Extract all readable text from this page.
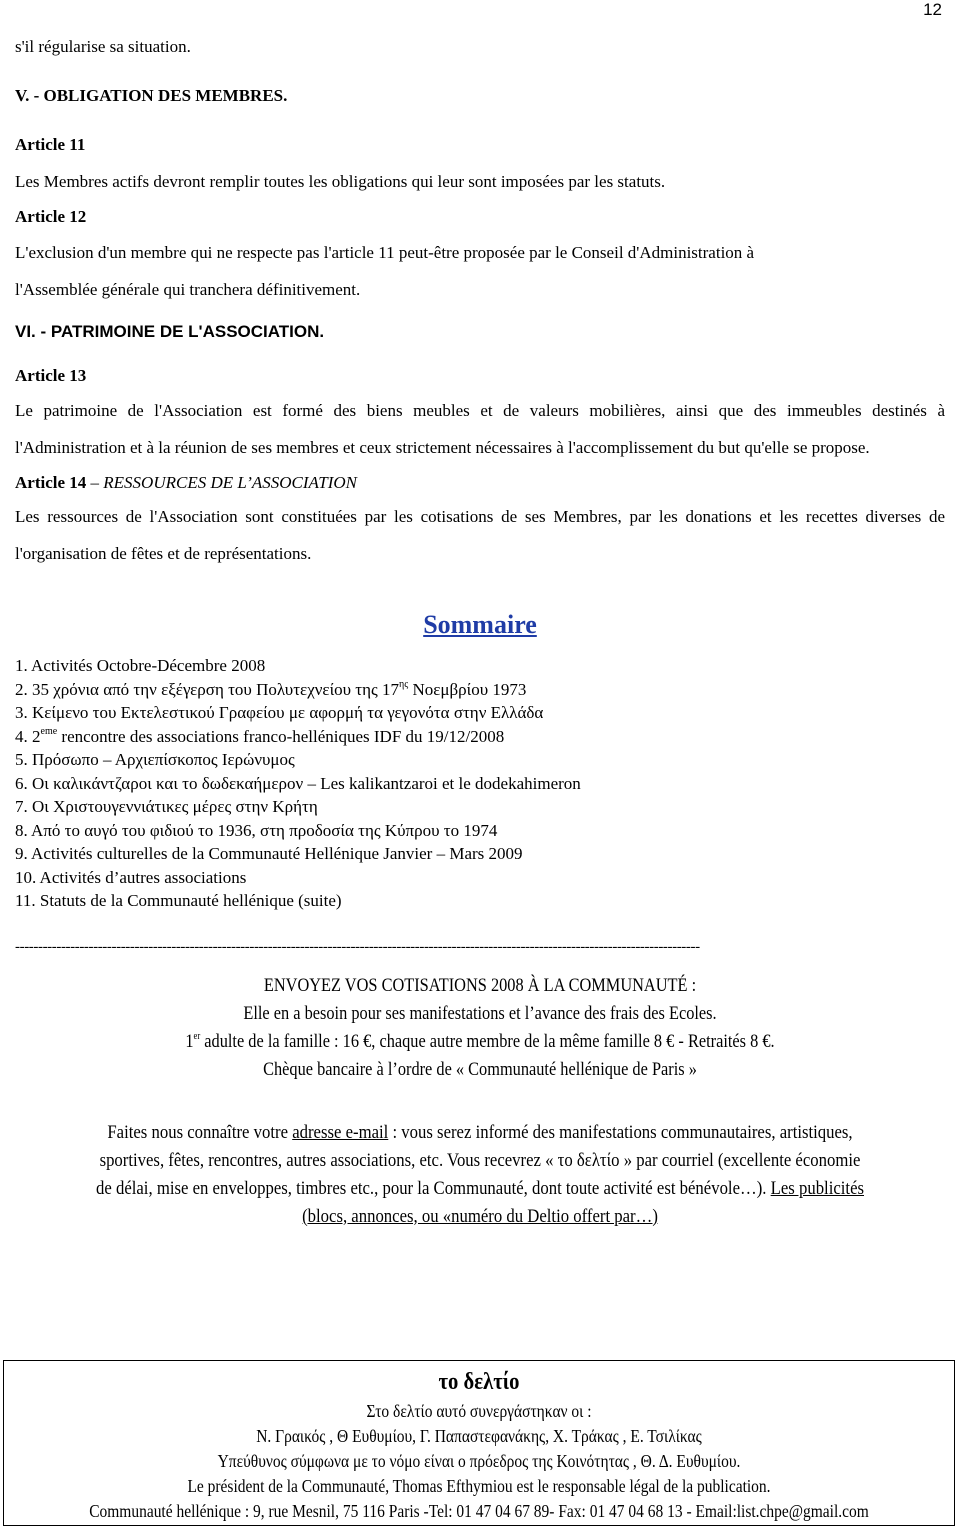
12

s'il régularise sa situation.

V. - OBLIGATION DES MEMBRES.

Article 11

Les Membres actifs devront remplir toutes les obligations qui leur sont imposées par les statuts.

Article 12

L'exclusion d'un membre qui ne respecte pas l'article 11 peut-être proposée par le Conseil d'Administration à

l'Assemblée générale qui tranchera définitivement.

VI. - PATRIMOINE DE L'ASSOCIATION.

Article 13

Le patrimoine de l'Association est formé des biens meubles et de valeurs mobilières, ainsi que des immeubles destinés à l'Administration et à la réunion de ses membres et ceux strictement nécessaires à l'accomplissement du but qu'elle se propose.

Article 14 – RESSOURCES DE L’ASSOCIATION

Les ressources de l'Association sont constituées par les cotisations de ses Membres, par les donations et les recettes diverses de l'organisation de fêtes et de représentations.

Sommaire

1. Activités Octobre-Décembre 2008
2. 35 χρόνια από την εξέγερση του Πολυτεχνείου της $17^{\eta\varsigma}$ Νοεμβρίου 1973
3. Κείμενο του Εκτελεστικού Γραφείου με αφορμή τα γεγονότα στην Ελλάδα
4. 2eme rencontre des associations franco-helléniques IDF du 19/12/2008
5. Πρόσωπο – Αρχιεπίσκοπος Ιερώνυμος
6. Οι καλικάντζαροι και το δωδεκαήμερον – Les kalikantzaroi et le dodekahimeron
7. Οι Χριστουγεννιάτικες μέρες στην Κρήτη
8. Από το αυγό του φιδιού το 1936, στη προδοσία της Κύπρου το 1974
9. Activités culturelles de la Communauté Hellénique Janvier – Mars 2009
10. Activités d’autres associations
11. Statuts de la Communauté hellénique (suite)
-----------------------------------------------------------------------------------------------------------------------------------------------------

ENVOYEZ VOS COTISATIONS 2008 À LA COMMUNAUTÉ :

Elle en a besoin pour ses manifestations et l’avance des frais des Ecoles.

1er adulte de la famille : 16 €, chaque autre membre de la même famille 8 € - Retraités 8 €.

Chèque bancaire à l’ordre de « Communauté hellénique de Paris »

Faites nous connaître votre adresse e-mail : vous serez informé des manifestations communautaires, artistiques,

sportives, fêtes, rencontres, autres associations, etc. Vous recevrez « το δελτίο » par courriel (excellente économie

de délai, mise en enveloppes, timbres etc., pour la Communauté, dont toute activité est bénévole…). Les publicités

(blocs, annonces, ou «numéro du Deltio offert par…)

το δελτίο

Στο δελτίο αυτό συνεργάστηκαν οι :

Ν. Γραικός , Θ Ευθυμίου, Γ. Παπαστεφανάκης, Χ. Τράκας , Ε. Τσιλίκας

Υπεύθυνος σύμφωνα με το νόμο είναι ο πρόεδρος της Κοινότητας , Θ. Δ. Ευθυμίου.

Le président de la Communauté, Thomas Efthymiou est le responsable légal de la publication.

Communauté hellénique : 9, rue Mesnil, 75 116 Paris -Tel: 01 47 04 67 89- Fax: 01 47 04 68 13 - Email:list.chpe@gmail.com
